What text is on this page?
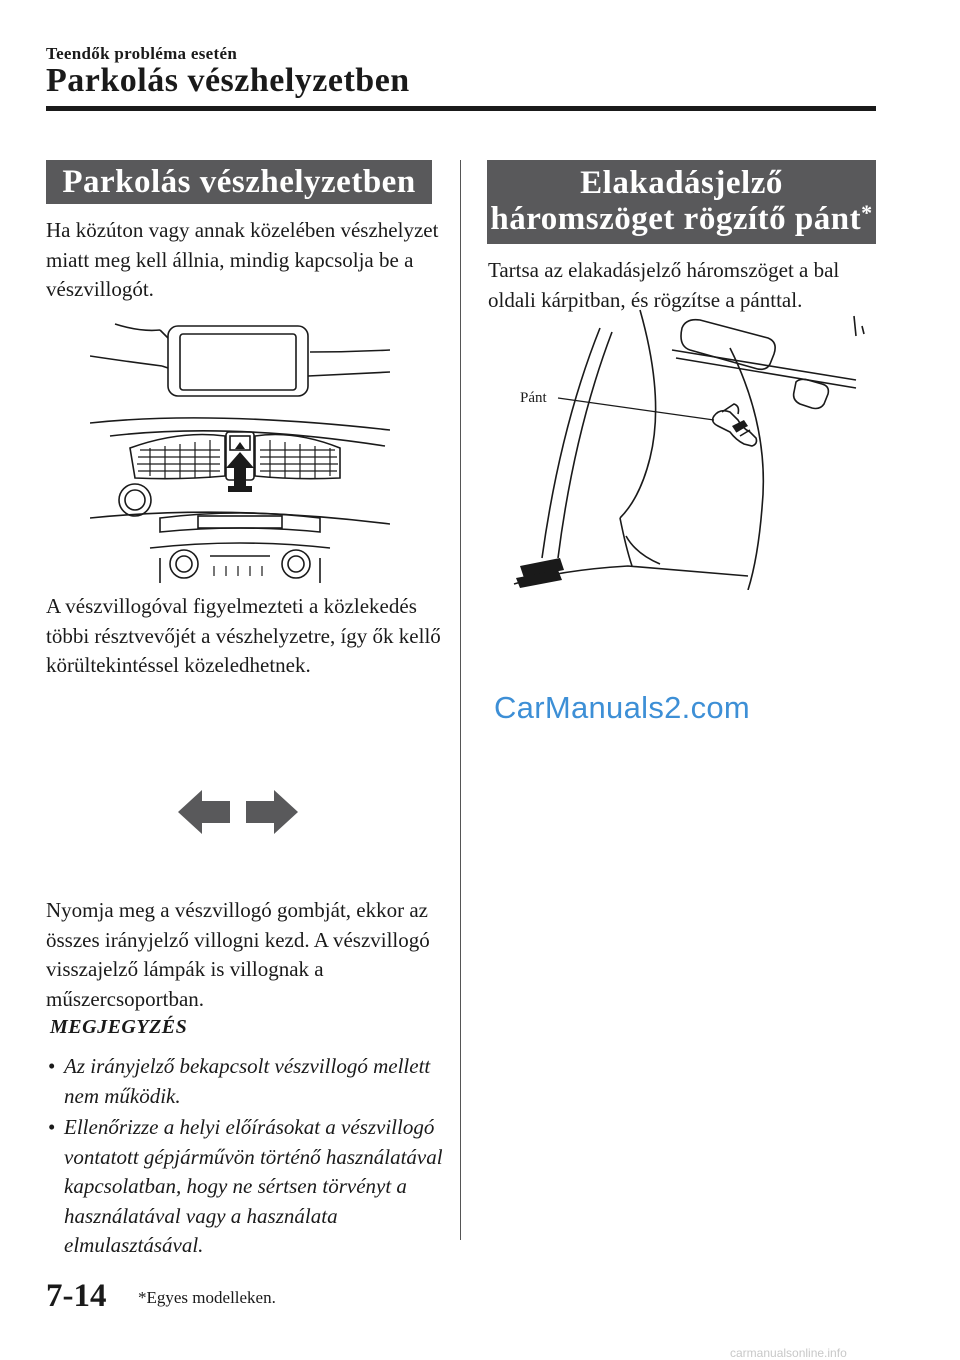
Teendők probléma esetén
Parkolás vészhelyzetben
Parkolás vészhelyzetben
Ha közúton vagy annak közelében vészhelyzet miatt meg kell állnia, mindig kapcsolja be a vészvillogót.
A vészvillogóval figyelmezteti a közlekedés többi résztvevőjét a vészhelyzetre, így ők kellő körültekintéssel közeledhetnek.
Nyomja meg a vészvillogó gombját, ekkor az összes irányjelző villogni kezd. A vészvillogó visszajelző lámpák is villognak a műszercsoportban.
MEGJEGYZÉS
• Az irányjelző bekapcsolt vészvillogó mellett nem működik.
• Ellenőrizze a helyi előírásokat a vészvillogó vontatott gépjárművön történő használatával kapcsolatban, hogy ne sértsen törvényt a használatával vagy a használata elmulasztásával.
Elakadásjelző
háromszöget rögzítő pánt*
Tartsa az elakadásjelző háromszöget a bal oldali kárpitban, és rögzítse a pánttal.
Pánt
CarManuals2.com
7-14 *Egyes modelleken.
carmanualsonline.info
